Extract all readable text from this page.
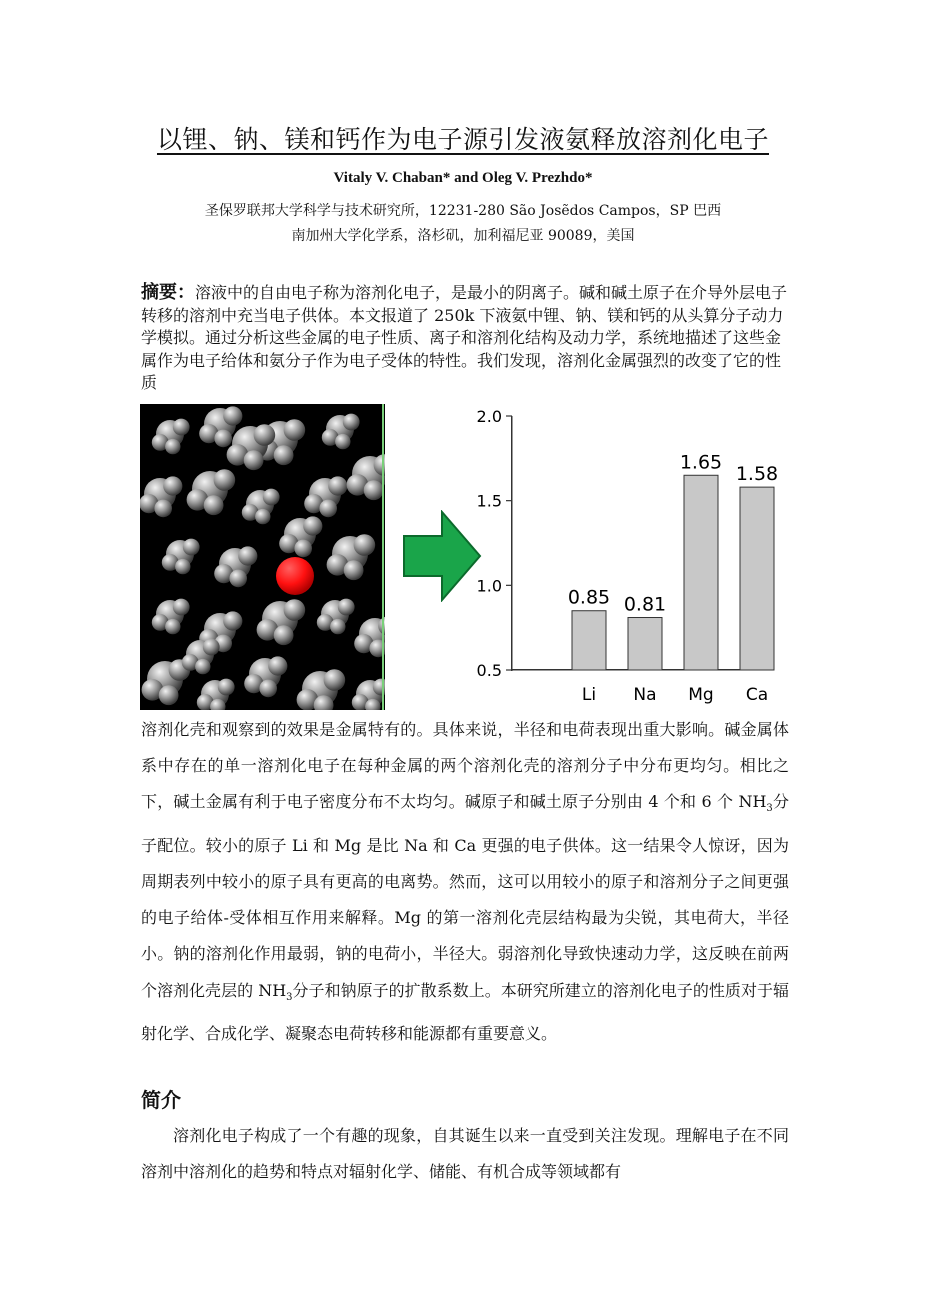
以锂、钠、镁和钙作为电子源引发液氨释放溶剂化电子
Vitaly V. Chaban* and Oleg V. Prezhdo*
圣保罗联邦大学科学与技术研究所，12231-280 São Josẽdos Campos，SP 巴西
南加州大学化学系，洛杉矶，加利福尼亚 90089，美国
摘要：溶液中的自由电子称为溶剂化电子，是最小的阴离子。碱和碱土原子在介导外层电子转移的溶剂中充当电子供体。本文报道了 250k 下液氨中锂、钠、镁和钙的从头算分子动力学模拟。通过分析这些金属的电子性质、离子和溶剂化结构及动力学，系统地描述了这些金属作为电子给体和氨分子作为电子受体的特性。我们发现，溶剂化金属强烈的改变了它的性质
0.5
1.0
1.5
2.0
0.85
Li
0.81
Na
1.65
Mg
1.58
Ca
溶剂化壳和观察到的效果是金属特有的。具体来说，半径和电荷表现出重大影响。碱金属体系中存在的单一溶剂化电子在每种金属的两个溶剂化壳的溶剂分子中分布更均匀。相比之下，碱土金属有利于电子密度分布不太均匀。碱原子和碱土原子分别由 4 个和 6 个 $NH_3$分子配位。较小的原子 Li 和 Mg 是比 Na 和 Ca 更强的电子供体。这一结果令人惊讶，因为周期表列中较小的原子具有更高的电离势。然而，这可以用较小的原子和溶剂分子之间更强的电子给体-受体相互作用来解释。Mg 的第一溶剂化壳层结构最为尖锐，其电荷大，半径小。钠的溶剂化作用最弱，钠的电荷小，半径大。弱溶剂化导致快速动力学，这反映在前两个溶剂化壳层的 $NH_3$分子和钠原子的扩散系数上。本研究所建立的溶剂化电子的性质对于辐射化学、合成化学、凝聚态电荷转移和能源都有重要意义。
简介
溶剂化电子构成了一个有趣的现象，自其诞生以来一直受到关注发现。理解电子在不同溶剂中溶剂化的趋势和特点对辐射化学、储能、有机合成等领域都有
